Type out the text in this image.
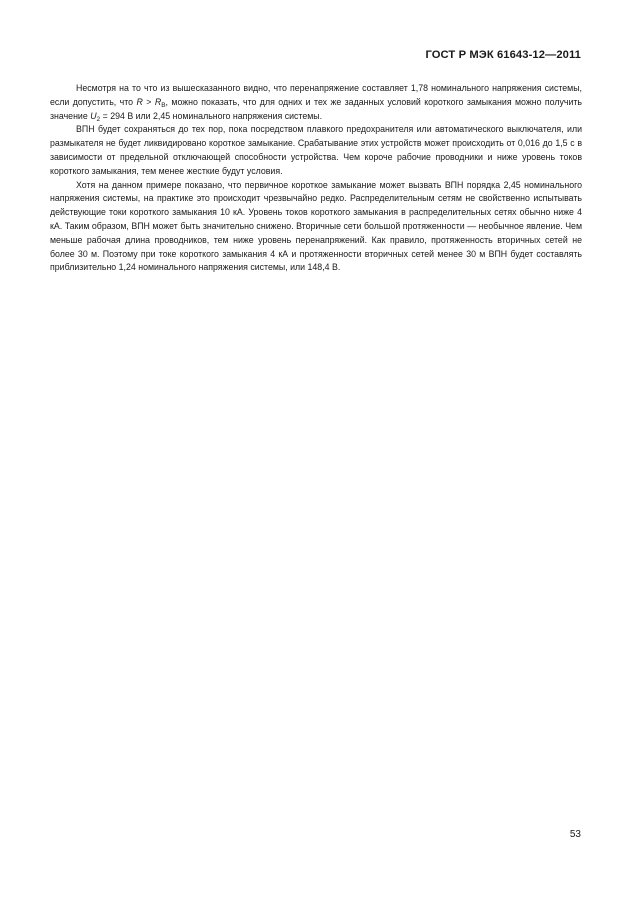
ГОСТ Р МЭК 61643-12—2011

Несмотря на то что из вышесказанного видно, что перенапряжение составляет 1,78 номинального напряжения системы, если допустить, что $R > R_B$, можно показать, что для одних и тех же заданных условий короткого замыкания можно получить значение $U_2 = 294$ В или 2,45 номинального напряжения системы.

ВПН будет сохраняться до тех пор, пока посредством плавкого предохранителя или автоматического выключателя, или размыкателя не будет ликвидировано короткое замыкание. Срабатывание этих устройств может происходить от 0,016 до 1,5 с в зависимости от предельной отключающей способности устройства. Чем короче рабочие проводники и ниже уровень токов короткого замыкания, тем менее жесткие будут условия.

Хотя на данном примере показано, что первичное короткое замыкание может вызвать ВПН порядка 2,45 номинального напряжения системы, на практике это происходит чрезвычайно редко. Распределительным сетям не свойственно испытывать действующие токи короткого замыкания 10 кА. Уровень токов короткого замыкания в распределительных сетях обычно ниже 4 кА. Таким образом, ВПН может быть значительно снижено. Вторичные сети большой протяженности — необычное явление. Чем меньше рабочая длина проводников, тем ниже уровень перенапряжений. Как правило, протяженность вторичных сетей не более 30 м. Поэтому при токе короткого замыкания 4 кА и протяженности вторичных сетей менее 30 м ВПН будет составлять приблизительно 1,24 номинального напряжения системы, или 148,4 В.

53
